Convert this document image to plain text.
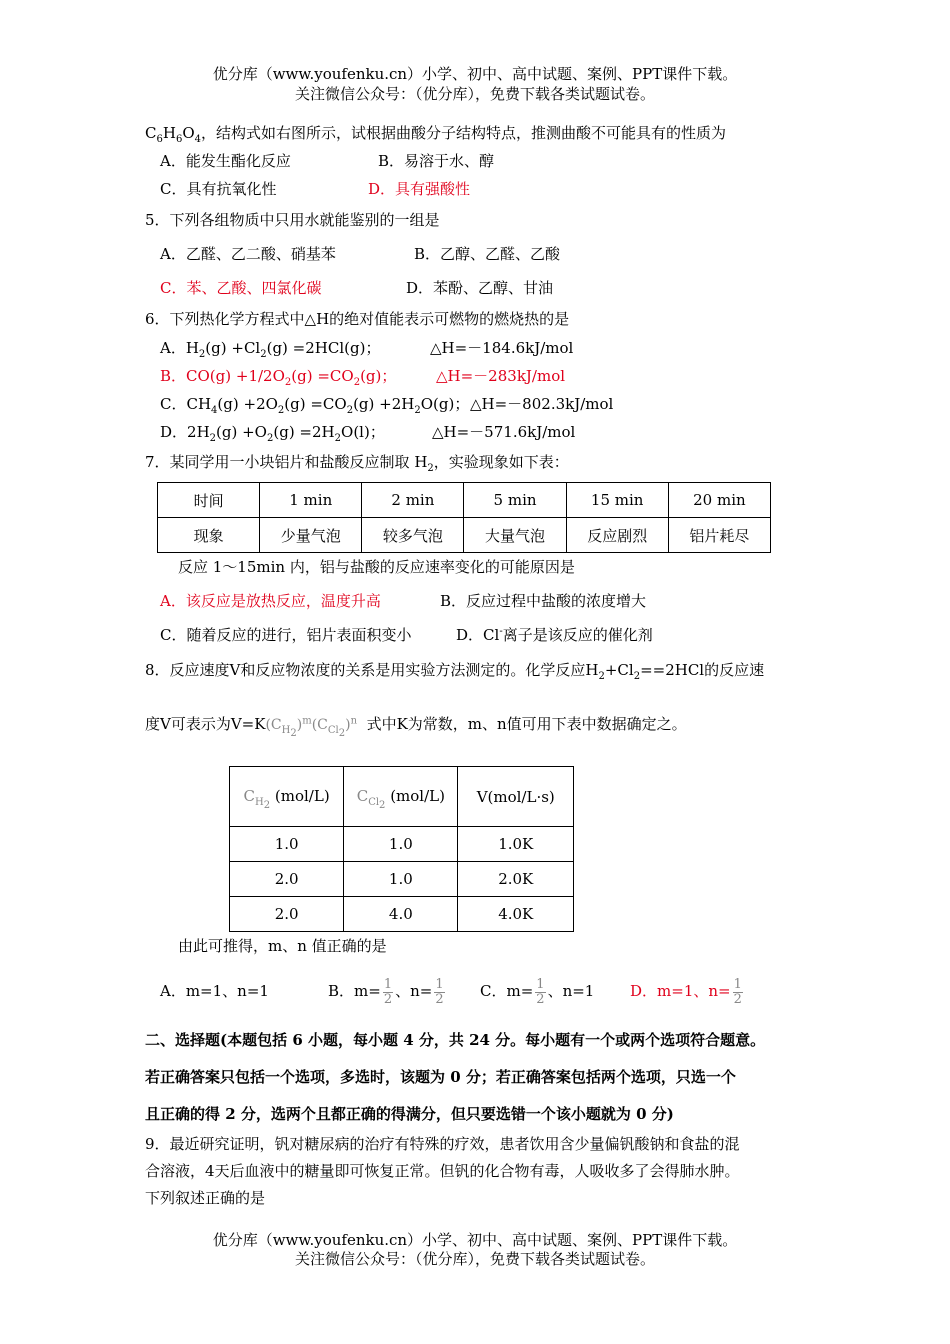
优分库（www.youfenku.cn）小学、初中、高中试题、案例、PPT课件下载。
关注微信公众号：（优分库），免费下载各类试题试卷。
$C_6H_6O_4$，结构式如右图所示，试根据曲酸分子结构特点，推测曲酸不可能具有的性质为
A．能发生酯化反应	B．易溶于水、醇
C．具有抗氧化性	D．具有强酸性
5．下列各组物质中只用水就能鉴别的一组是
A．乙醛、乙二酸、硝基苯	B．乙醇、乙醛、乙酸
C．苯、乙酸、四氯化碳	D．苯酚、乙醇、甘油
6．下列热化学方程式中△H的绝对值能表示可燃物的燃烧热的是
A．$H_2(g) +Cl_2(g) =2HCl(g)$；	△H=－184.6kJ/mol
B．$CO(g) +1/2O_2(g) =CO_2(g)$；	△H=－283kJ/mol
C．$CH_4(g) +2O_2(g) =CO_2(g) +2H_2O(g)$； △H=－802.3kJ/mol
D．$2H_2(g) +O_2(g) =2H_2O(l)$；	△H=－571.6kJ/mol
7．某同学用一小块铝片和盐酸反应制取 $H_2$，实验现象如下表：
时间	1 min	2 min	5 min	15 min	20 min
现象	少量气泡	较多气泡	大量气泡	反应剧烈	铝片耗尽
反应 1～15min 内，铝与盐酸的反应速率变化的可能原因是
A．该反应是放热反应，温度升高	B．反应过程中盐酸的浓度增大
C．随着反应的进行，铝片表面积变小	D．Cl-离子是该反应的催化剂
8．反应速度V和反应物浓度的关系是用实验方法测定的。化学反应$H_2+Cl_2==2HCl$的反应速
度V可表示为$V=K(C_{H_2})^m(C_{Cl_2})^n$ 式中K为常数，m、n值可用下表中数据确定之。
$C_{H_2}$ (mol/L)	$C_{Cl_2}$ (mol/L)	V(mol/L·s)
1.0	1.0	1.0K
2.0	1.0	2.0K
2.0	4.0	4.0K
由此可推得，m、n 值正确的是
A．m=1、n=1	B．$m= \frac{1}{2}$ 、$n= \frac{1}{2}$ C．$m= \frac{1}{2}$ 、n=1 D．m=1、$n= \frac{1}{2}$
二、选择题(本题包括 6 小题，每小题 4 分，共 24 分。每小题有一个或两个选项符合题意。
若正确答案只包括一个选项，多选时，该题为 0 分；若正确答案包括两个选项，只选一个
且正确的得 2 分，选两个且都正确的得满分，但只要选错一个该小题就为 0 分)
9．最近研究证明，钒对糖尿病的治疗有特殊的疗效，患者饮用含少量偏钒酸钠和食盐的混
合溶液，4天后血液中的糖量即可恢复正常。但钒的化合物有毒，人吸收多了会得肺水肿。
下列叙述正确的是
优分库（www.youfenku.cn）小学、初中、高中试题、案例、PPT课件下载。
关注微信公众号：（优分库），免费下载各类试题试卷。
